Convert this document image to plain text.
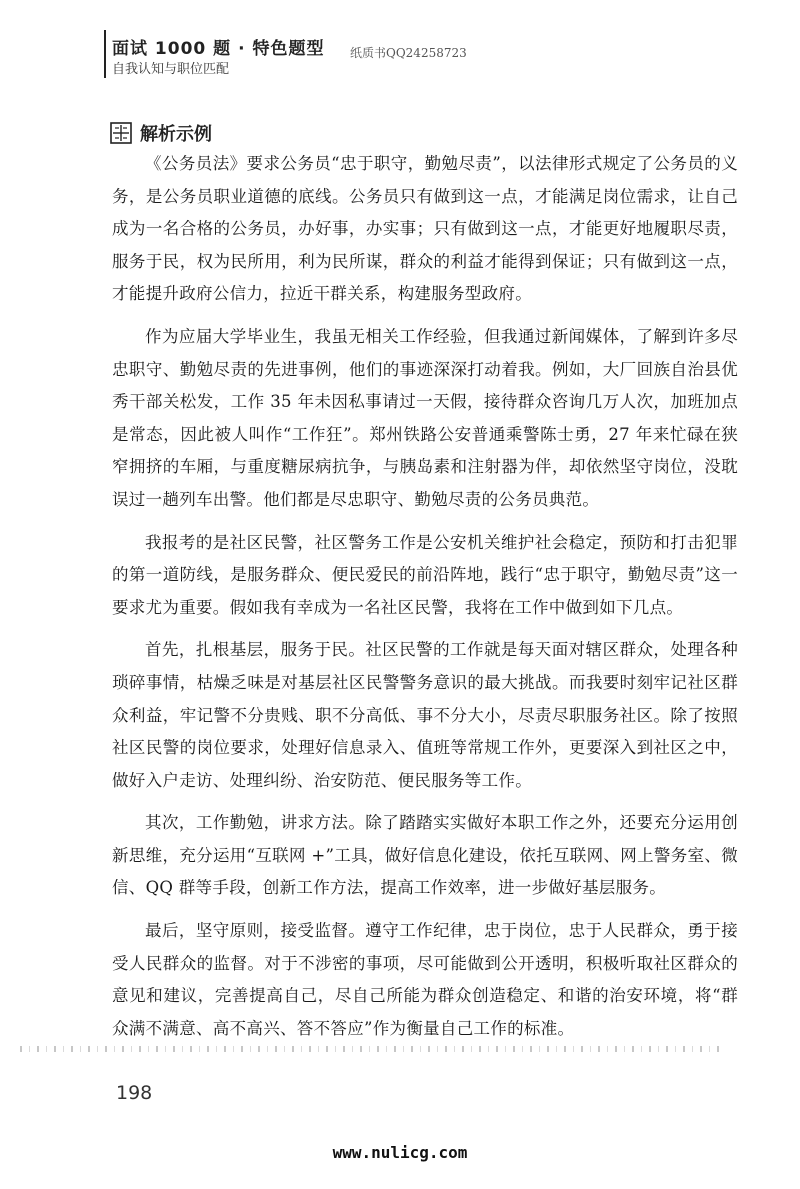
面试 1000 题 · 特色题型
自我认知与职位匹配
纸质书QQ24258723
解析示例

《公务员法》要求公务员“忠于职守，勤勉尽责”，以法律形式规定了公务员的义务，是公务员职业道德的底线。公务员只有做到这一点，才能满足岗位需求，让自己成为一名合格的公务员，办好事，办实事；只有做到这一点，才能更好地履职尽责，服务于民，权为民所用，利为民所谋，群众的利益才能得到保证；只有做到这一点，才能提升政府公信力，拉近干群关系，构建服务型政府。

作为应届大学毕业生，我虽无相关工作经验，但我通过新闻媒体，了解到许多尽忠职守、勤勉尽责的先进事例，他们的事迹深深打动着我。例如，大厂回族自治县优秀干部关松发，工作 35 年未因私事请过一天假，接待群众咨询几万人次，加班加点是常态，因此被人叫作“工作狂”。郑州铁路公安普通乘警陈士勇，27 年来忙碌在狭窄拥挤的车厢，与重度糖尿病抗争，与胰岛素和注射器为伴，却依然坚守岗位，没耽误过一趟列车出警。他们都是尽忠职守、勤勉尽责的公务员典范。

我报考的是社区民警，社区警务工作是公安机关维护社会稳定，预防和打击犯罪的第一道防线，是服务群众、便民爱民的前沿阵地，践行“忠于职守，勤勉尽责”这一要求尤为重要。假如我有幸成为一名社区民警，我将在工作中做到如下几点。

首先，扎根基层，服务于民。社区民警的工作就是每天面对辖区群众，处理各种琐碎事情，枯燥乏味是对基层社区民警警务意识的最大挑战。而我要时刻牢记社区群众利益，牢记警不分贵贱、职不分高低、事不分大小，尽责尽职服务社区。除了按照社区民警的岗位要求，处理好信息录入、值班等常规工作外，更要深入到社区之中，做好入户走访、处理纠纷、治安防范、便民服务等工作。

其次，工作勤勉，讲求方法。除了踏踏实实做好本职工作之外，还要充分运用创新思维，充分运用“互联网 +”工具，做好信息化建设，依托互联网、网上警务室、微信、QQ 群等手段，创新工作方法，提高工作效率，进一步做好基层服务。

最后，坚守原则，接受监督。遵守工作纪律，忠于岗位，忠于人民群众，勇于接受人民群众的监督。对于不涉密的事项，尽可能做到公开透明，积极听取社区群众的意见和建议，完善提高自己，尽自己所能为群众创造稳定、和谐的治安环境，将“群众满不满意、高不高兴、答不答应”作为衡量自己工作的标准。

198
www.nulicg.com
